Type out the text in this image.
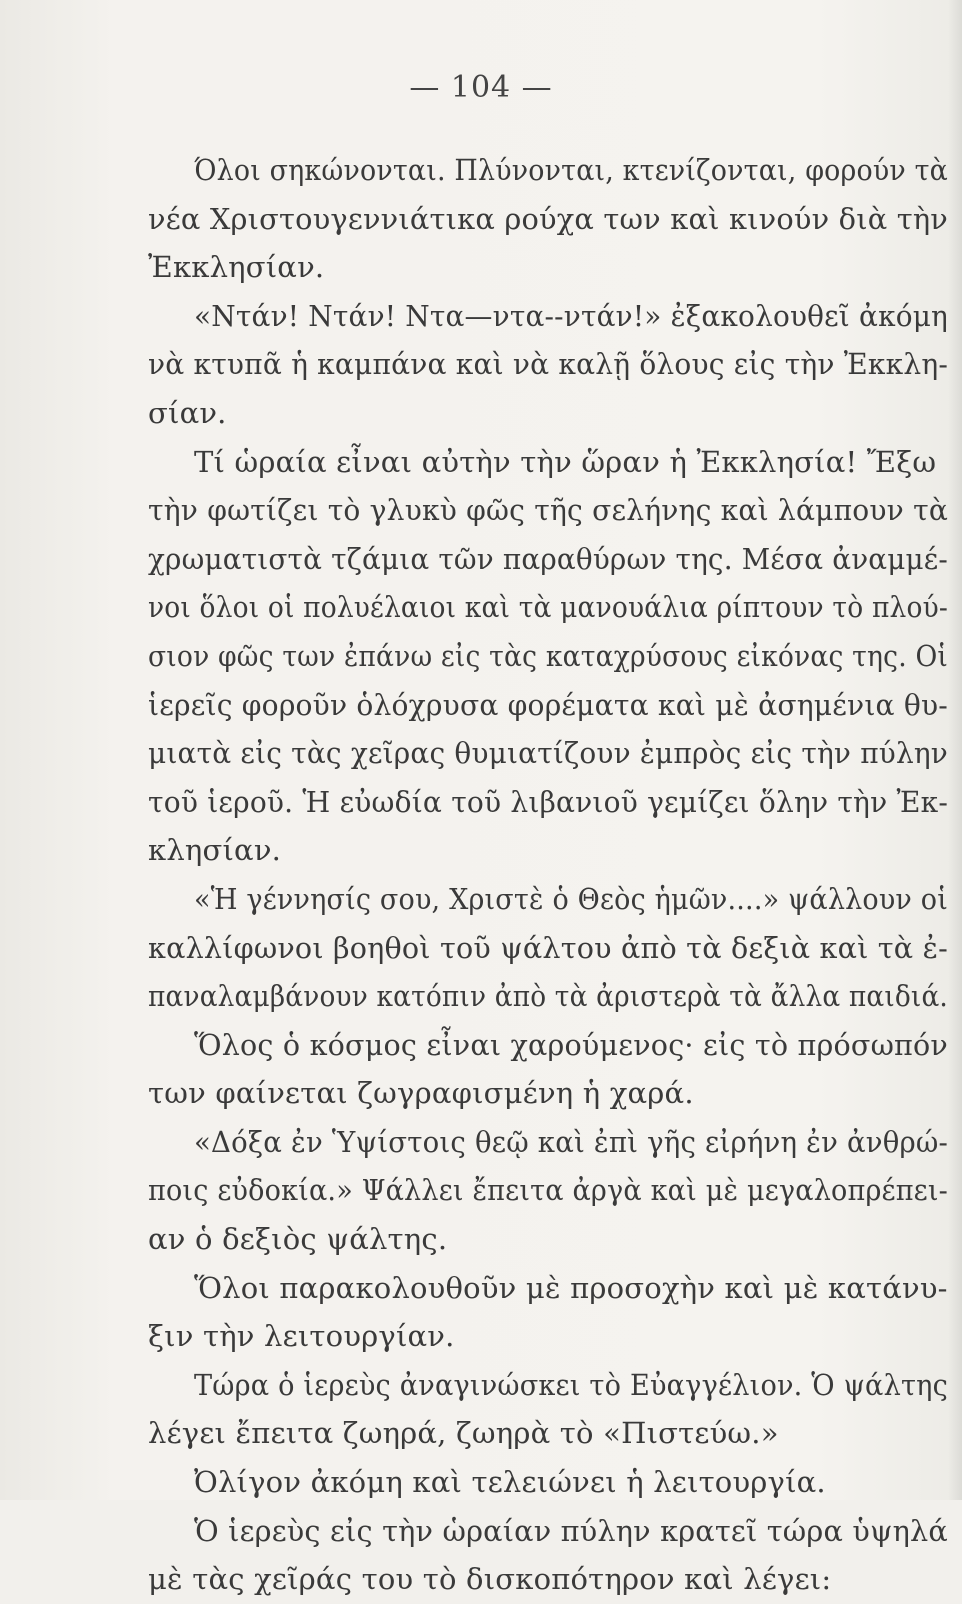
— 104 —
Όλοι σηκώνονται. Πλύνονται, κτενίζονται, φορούν τὰ
νέα Χριστουγεννιάτικα ρούχα των καὶ κινούν διὰ τὴν
Ἐκκλησίαν.
«Ντάν! Ντάν! Ντα—ντα--ντάν!» ἐξακολουθεῖ ἀκόμη
νὰ κτυπᾶ ἡ καμπάνα καὶ νὰ καλῇ ὅλους εἰς τὴν Ἐκκλη-
σίαν.
Τί ὡραία εἶναι αὐτὴν τὴν ὥραν ἡ Ἐκκλησία! Ἔξω
τὴν φωτίζει τὸ γλυκὺ φῶς τῆς σελήνης καὶ λάμπουν τὰ
χρωματιστὰ τζάμια τῶν παραθύρων της. Μέσα ἀναμμέ-
νοι ὅλοι οἱ πολυέλαιοι καὶ τὰ μανουάλια ρίπτουν τὸ πλού-
σιον φῶς των ἐπάνω εἰς τὰς καταχρύσους εἰκόνας της. Οἱ
ἱερεῖς φοροῦν ὁλόχρυσα φορέματα καὶ μὲ ἀσημένια θυ-
μιατὰ εἰς τὰς χεῖρας θυμιατίζουν ἐμπρὸς εἰς τὴν πύλην
τοῦ ἱεροῦ. Ἡ εὐωδία τοῦ λιβανιοῦ γεμίζει ὅλην τὴν Ἐκ-
κλησίαν.
«Ἡ γέννησίς σου, Χριστὲ ὁ Θεὸς ἡμῶν....» ψάλλουν οἱ
καλλίφωνοι βοηθοὶ τοῦ ψάλτου ἀπὸ τὰ δεξιὰ καὶ τὰ ἐ-
παναλαμβάνουν κατόπιν ἀπὸ τὰ ἀριστερὰ τὰ ἄλλα παιδιά.
Ὅλος ὁ κόσμος εἶναι χαρούμενος· εἰς τὸ πρόσωπόν
των φαίνεται ζωγραφισμένη ἡ χαρά.
«Δόξα ἐν Ὑψίστοις θεῷ καὶ ἐπὶ γῆς εἰρήνη ἐν ἀνθρώ-
ποις εὐδοκία.» Ψάλλει ἔπειτα ἀργὰ καὶ μὲ μεγαλοπρέπει-
αν ὁ δεξιὸς ψάλτης.
Ὅλοι παρακολουθοῦν μὲ προσοχὴν καὶ μὲ κατάνυ-
ξιν τὴν λειτουργίαν.
Τώρα ὁ ἱερεὺς ἀναγινώσκει τὸ Εὐαγγέλιον. Ὁ ψάλτης
λέγει ἔπειτα ζωηρά, ζωηρὰ τὸ «Πιστεύω.»
Ὀλίγον ἀκόμη καὶ τελειώνει ἡ λειτουργία.
Ὁ ἱερεὺς εἰς τὴν ὡραίαν πύλην κρατεῖ τώρα ὑψηλά
μὲ τὰς χεῖράς του τὸ δισκοπότηρον καὶ λέγει:
